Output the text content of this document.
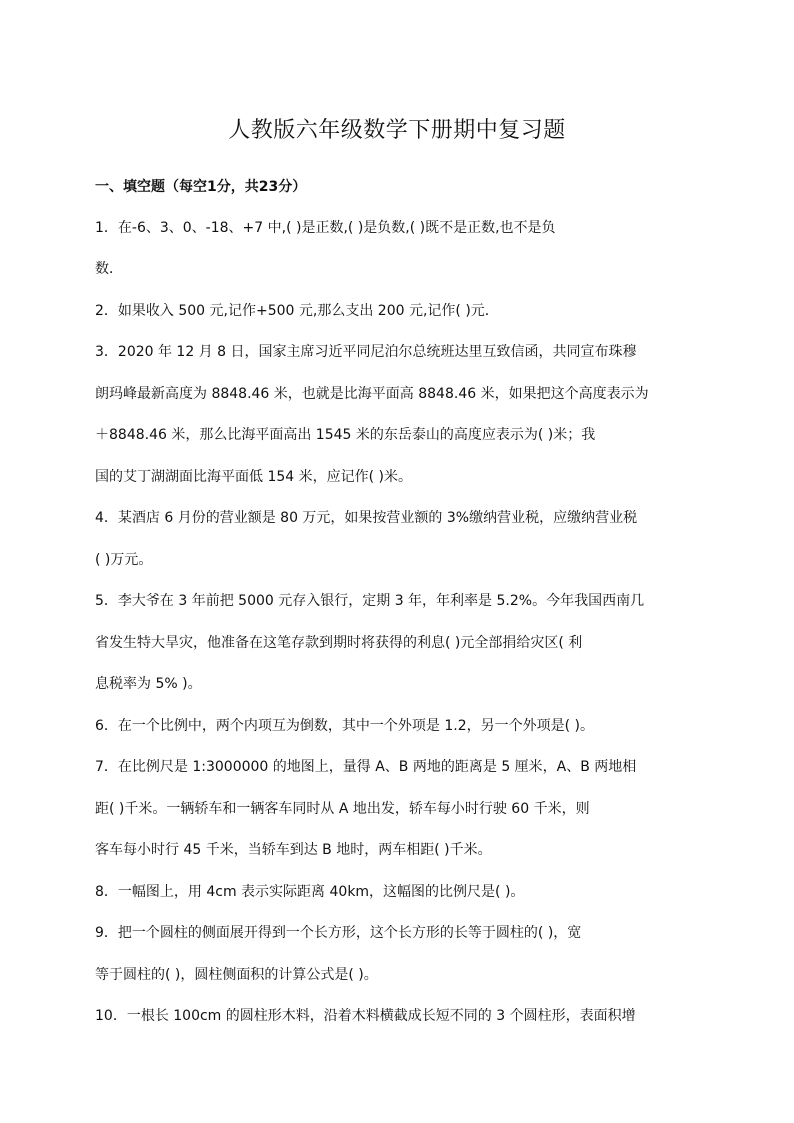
人教版六年级数学下册期中复习题
一、填空题（每空1分，共23分）
1．在-6、3、0、-18、+7 中,( )是正数,( )是负数,( )既不是正数,也不是负
数．
2．如果收入 500 元,记作+500 元,那么支出 200 元,记作( )元．
3．2020 年 12 月 8 日，国家主席习近平同尼泊尔总统班达里互致信函，共同宣布珠穆
朗玛峰最新高度为 8848.46 米，也就是比海平面高 8848.46 米，如果把这个高度表示为
＋8848.46 米，那么比海平面高出 1545 米的东岳泰山的高度应表示为( )米；我
国的艾丁湖湖面比海平面低 154 米，应记作( )米。
4．某酒店 6 月份的营业额是 80 万元，如果按营业额的 3%缴纳营业税，应缴纳营业税
( )万元。
5．李大爷在 3 年前把 5000 元存入银行，定期 3 年，年利率是 5.2%。今年我国西南几
省发生特大旱灾，他准备在这笔存款到期时将获得的利息( )元全部捐给灾区( 利
息税率为 5% )。
6．在一个比例中，两个内项互为倒数，其中一个外项是 1.2，另一个外项是( )。
7．在比例尺是 1:3000000 的地图上，量得 A、B 两地的距离是 5 厘米，A、B 两地相
距( )千米。一辆轿车和一辆客车同时从 A 地出发，轿车每小时行驶 60 千米，则
客车每小时行 45 千米，当轿车到达 B 地时，两车相距( )千米。
8．一幅图上，用 4cm 表示实际距离 40km，这幅图的比例尺是( )。
9．把一个圆柱的侧面展开得到一个长方形，这个长方形的长等于圆柱的( )，宽
等于圆柱的( )，圆柱侧面积的计算公式是( )。
10．一根长 100cm 的圆柱形木料，沿着木料横截成长短不同的 3 个圆柱形，表面积增
